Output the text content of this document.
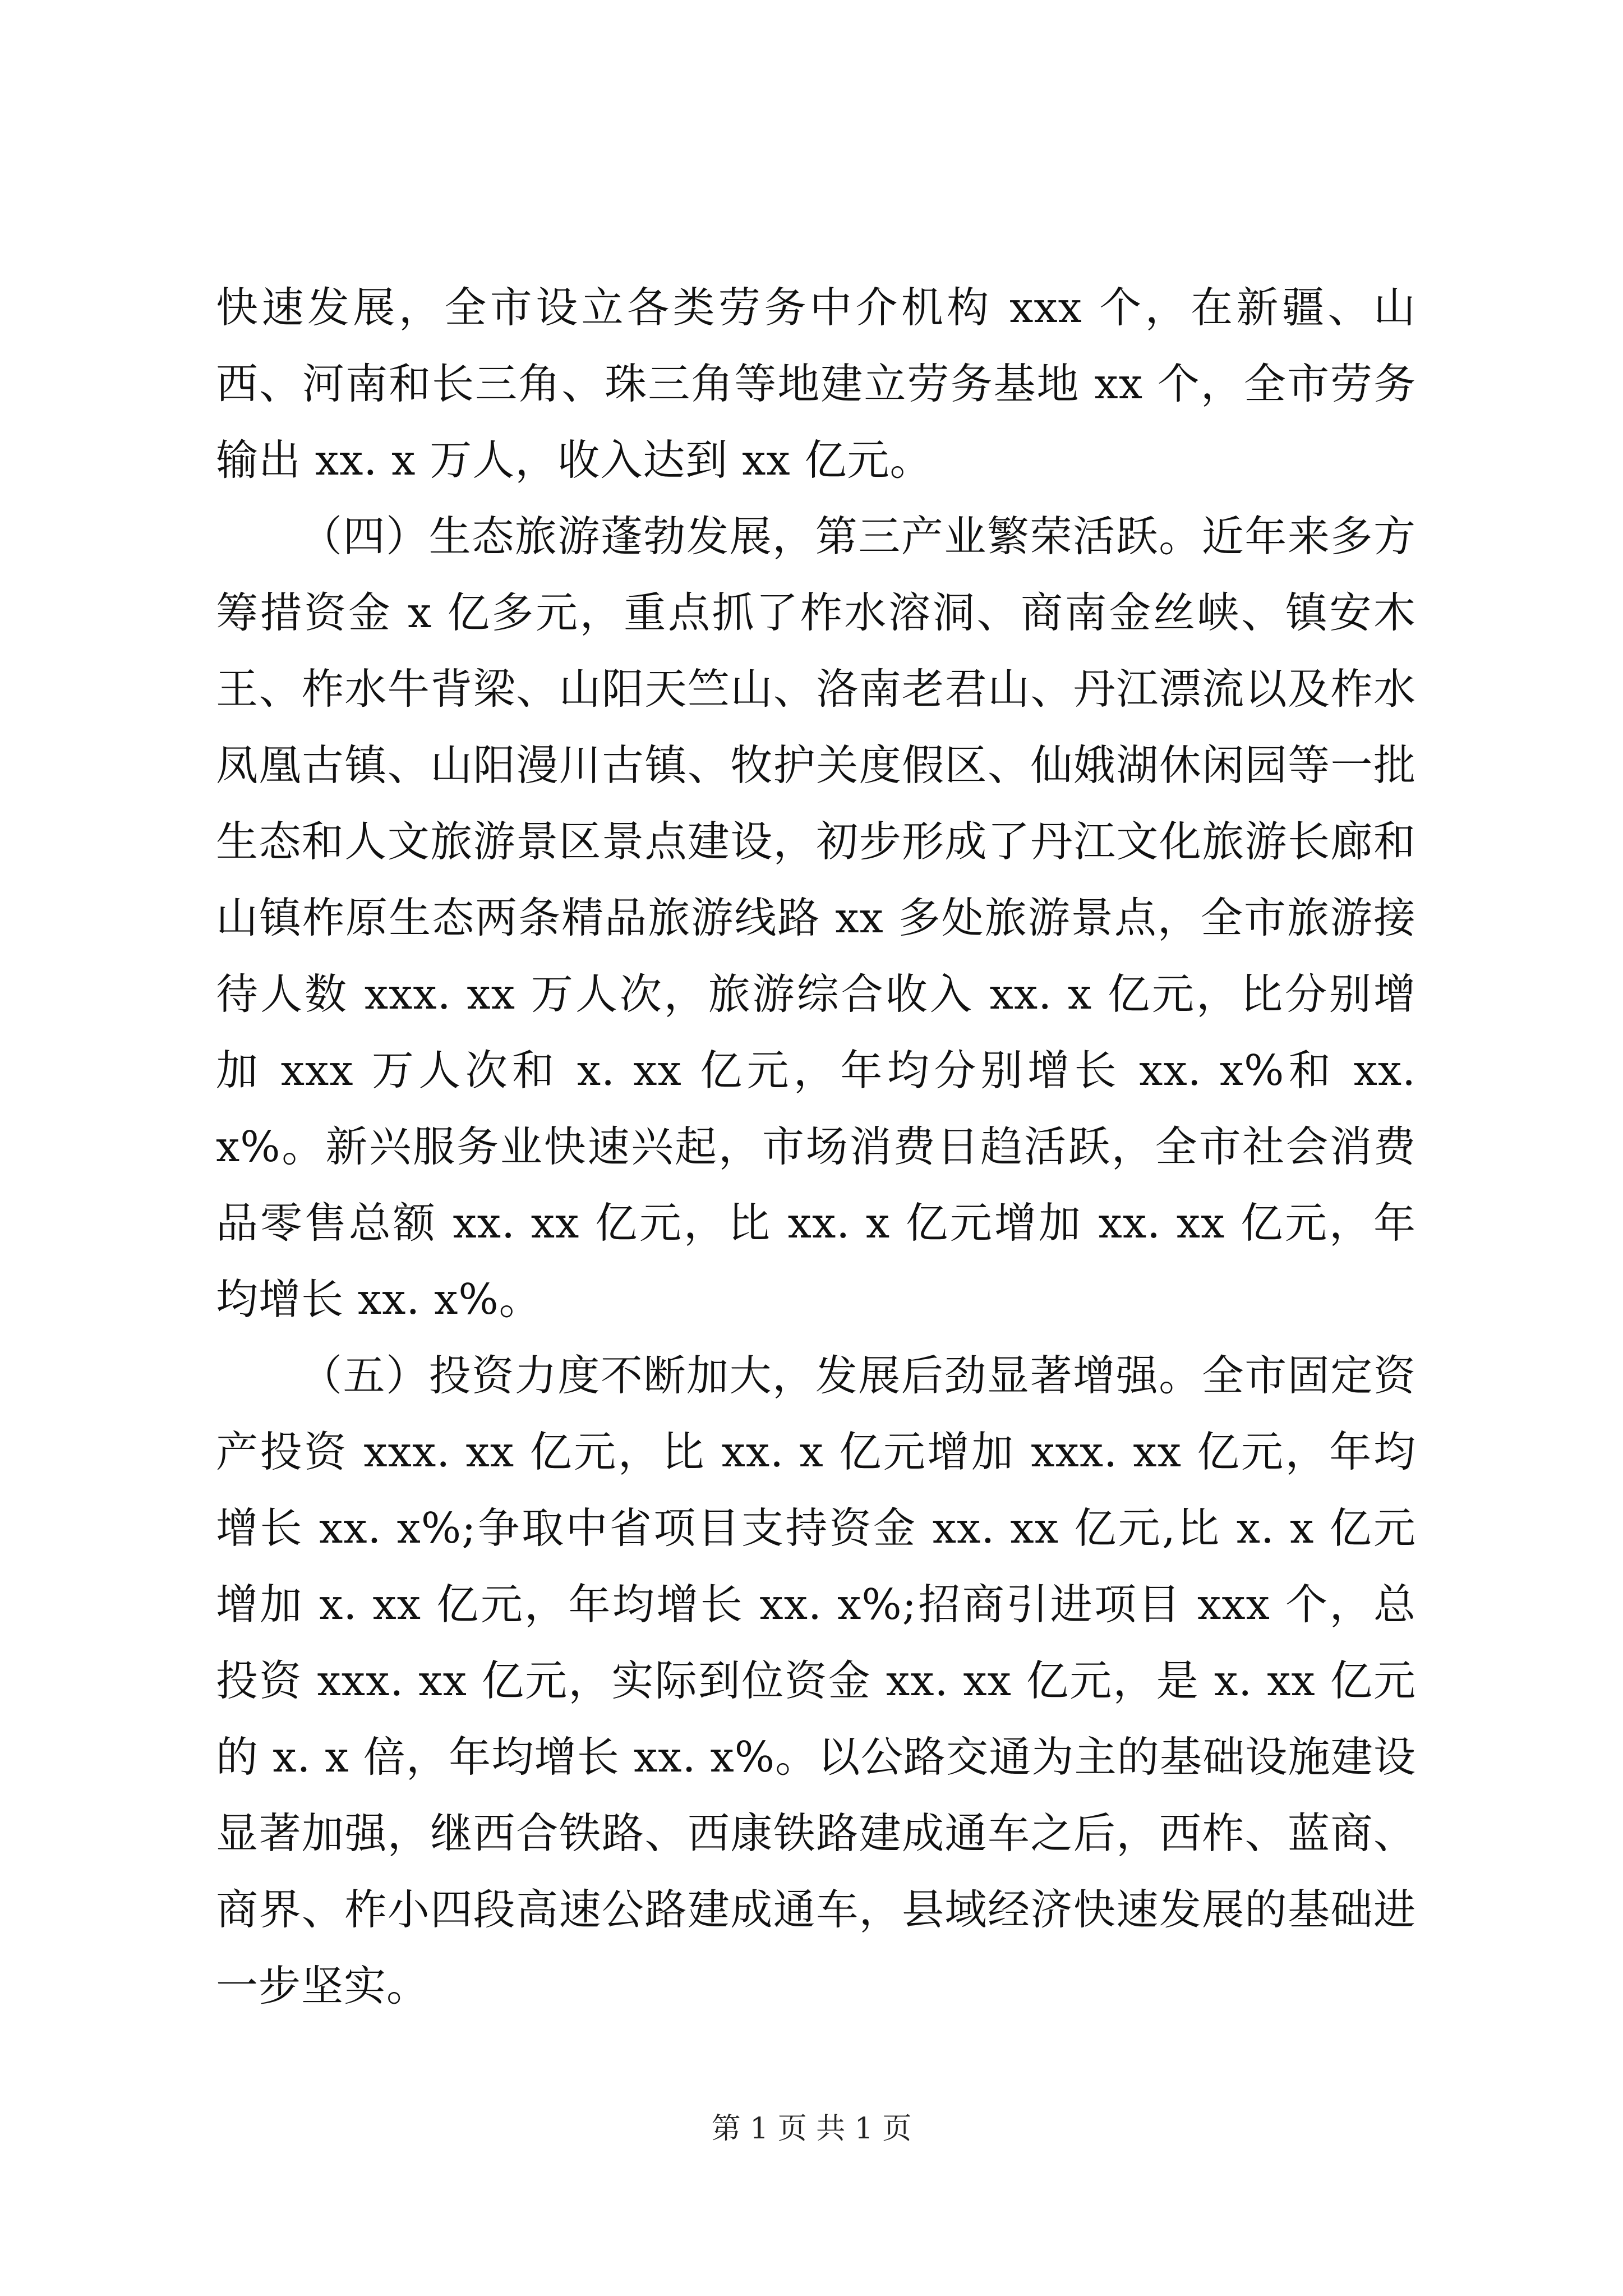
快速发展，全市设立各类劳务中介机构 xxx 个，在新疆、山西、河南和长三角、珠三角等地建立劳务基地 xx 个，全市劳务输出 xx. x 万人，收入达到 xx 亿元。

（四）生态旅游蓬勃发展，第三产业繁荣活跃。近年来多方筹措资金 x 亿多元，重点抓了柞水溶洞、商南金丝峡、镇安木王、柞水牛背梁、山阳天竺山、洛南老君山、丹江漂流以及柞水凤凰古镇、山阳漫川古镇、牧护关度假区、仙娥湖休闲园等一批生态和人文旅游景区景点建设，初步形成了丹江文化旅游长廊和山镇柞原生态两条精品旅游线路 xx 多处旅游景点，全市旅游接待人数 xxx. xx 万人次，旅游综合收入 xx. x 亿元，比分别增加 xxx 万人次和 x. xx 亿元，年均分别增长 xx. x%和 xx. x%。新兴服务业快速兴起，市场消费日趋活跃，全市社会消费品零售总额 xx. xx 亿元，比 xx. x 亿元增加 xx. xx 亿元，年均增长 xx. x%。

（五）投资力度不断加大，发展后劲显著增强。全市固定资产投资 xxx. xx 亿元，比 xx. x 亿元增加 xxx. xx 亿元，年均增长 xx. x%;争取中省项目支持资金 xx. xx 亿元,比 x. x 亿元增加 x. xx 亿元，年均增长 xx. x%;招商引进项目 xxx 个，总投资 xxx. xx 亿元，实际到位资金 xx. xx 亿元，是 x. xx 亿元的 x. x 倍，年均增长 xx. x%。以公路交通为主的基础设施建设显著加强，继西合铁路、西康铁路建成通车之后，西柞、蓝商、商界、柞小四段高速公路建成通车，县域经济快速发展的基础进一步坚实。

第 1 页 共 1 页
